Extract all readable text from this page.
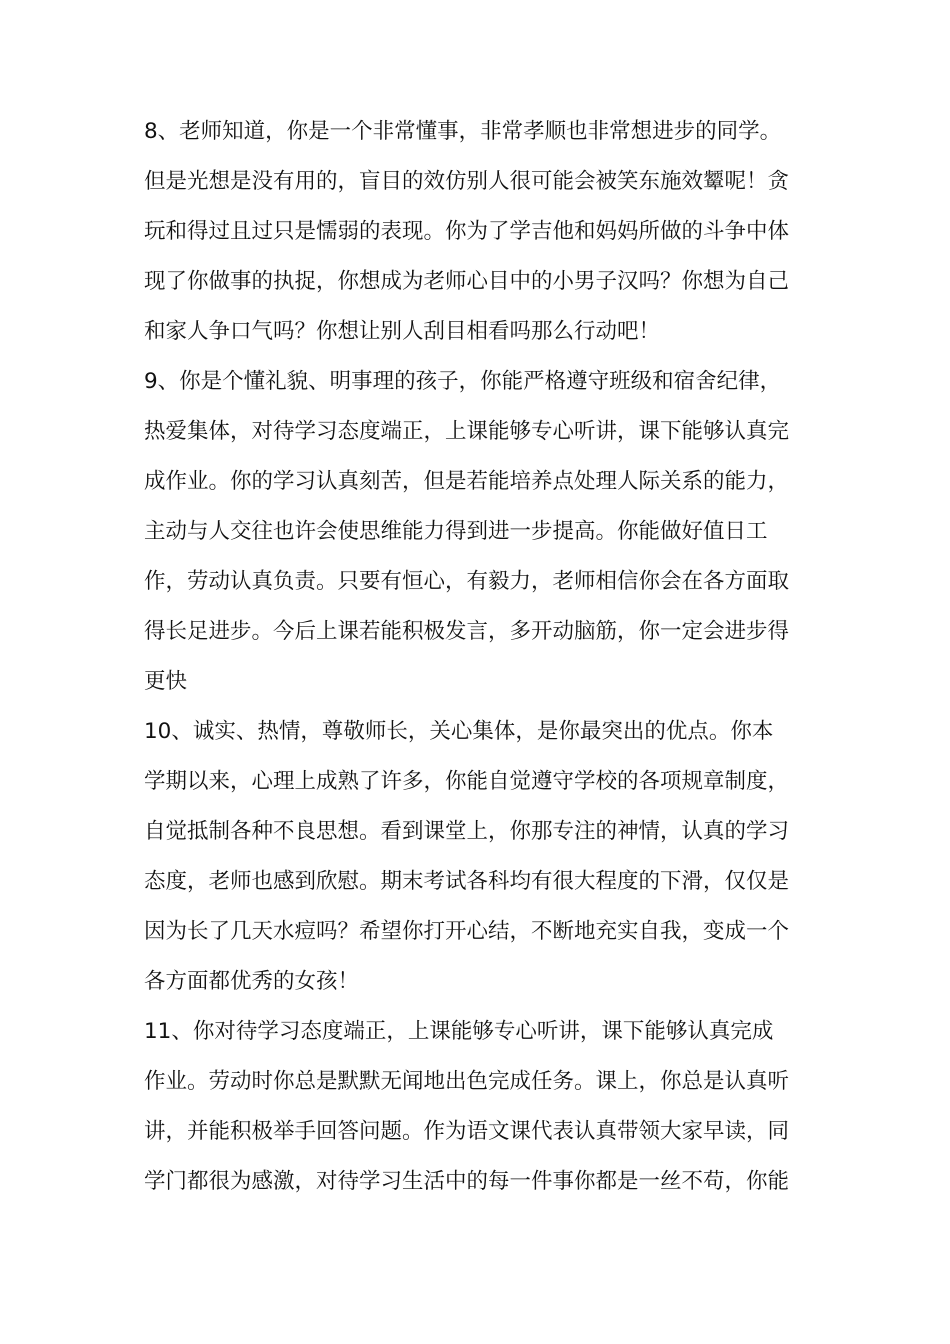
8、老师知道，你是一个非常懂事，非常孝顺也非常想进步的同学。
但是光想是没有用的，盲目的效仿别人很可能会被笑东施效颦呢！贪
玩和得过且过只是懦弱的表现。你为了学吉他和妈妈所做的斗争中体
现了你做事的执捉，你想成为老师心目中的小男子汉吗？你想为自己
和家人争口气吗？你想让别人刮目相看吗那么行动吧！

9、你是个懂礼貌、明事理的孩子，你能严格遵守班级和宿舍纪律，
热爱集体，对待学习态度端正，上课能够专心听讲，课下能够认真完
成作业。你的学习认真刻苦，但是若能培养点处理人际关系的能力，
主动与人交往也许会使思维能力得到进一步提高。你能做好值日工
作，劳动认真负责。只要有恒心，有毅力，老师相信你会在各方面取
得长足进步。今后上课若能积极发言，多开动脑筋，你一定会进步得
更快

10、诚实、热情，尊敬师长，关心集体，是你最突出的优点。你本
学期以来，心理上成熟了许多，你能自觉遵守学校的各项规章制度，
自觉抵制各种不良思想。看到课堂上，你那专注的神情，认真的学习
态度，老师也感到欣慰。期末考试各科均有很大程度的下滑，仅仅是
因为长了几天水痘吗？希望你打开心结，不断地充实自我，变成一个
各方面都优秀的女孩！

11、你对待学习态度端正，上课能够专心听讲，课下能够认真完成
作业。劳动时你总是默默无闻地出色完成任务。课上，你总是认真听
讲，并能积极举手回答问题。作为语文课代表认真带领大家早读，同
学门都很为感激，对待学习生活中的每一件事你都是一丝不苟，你能
